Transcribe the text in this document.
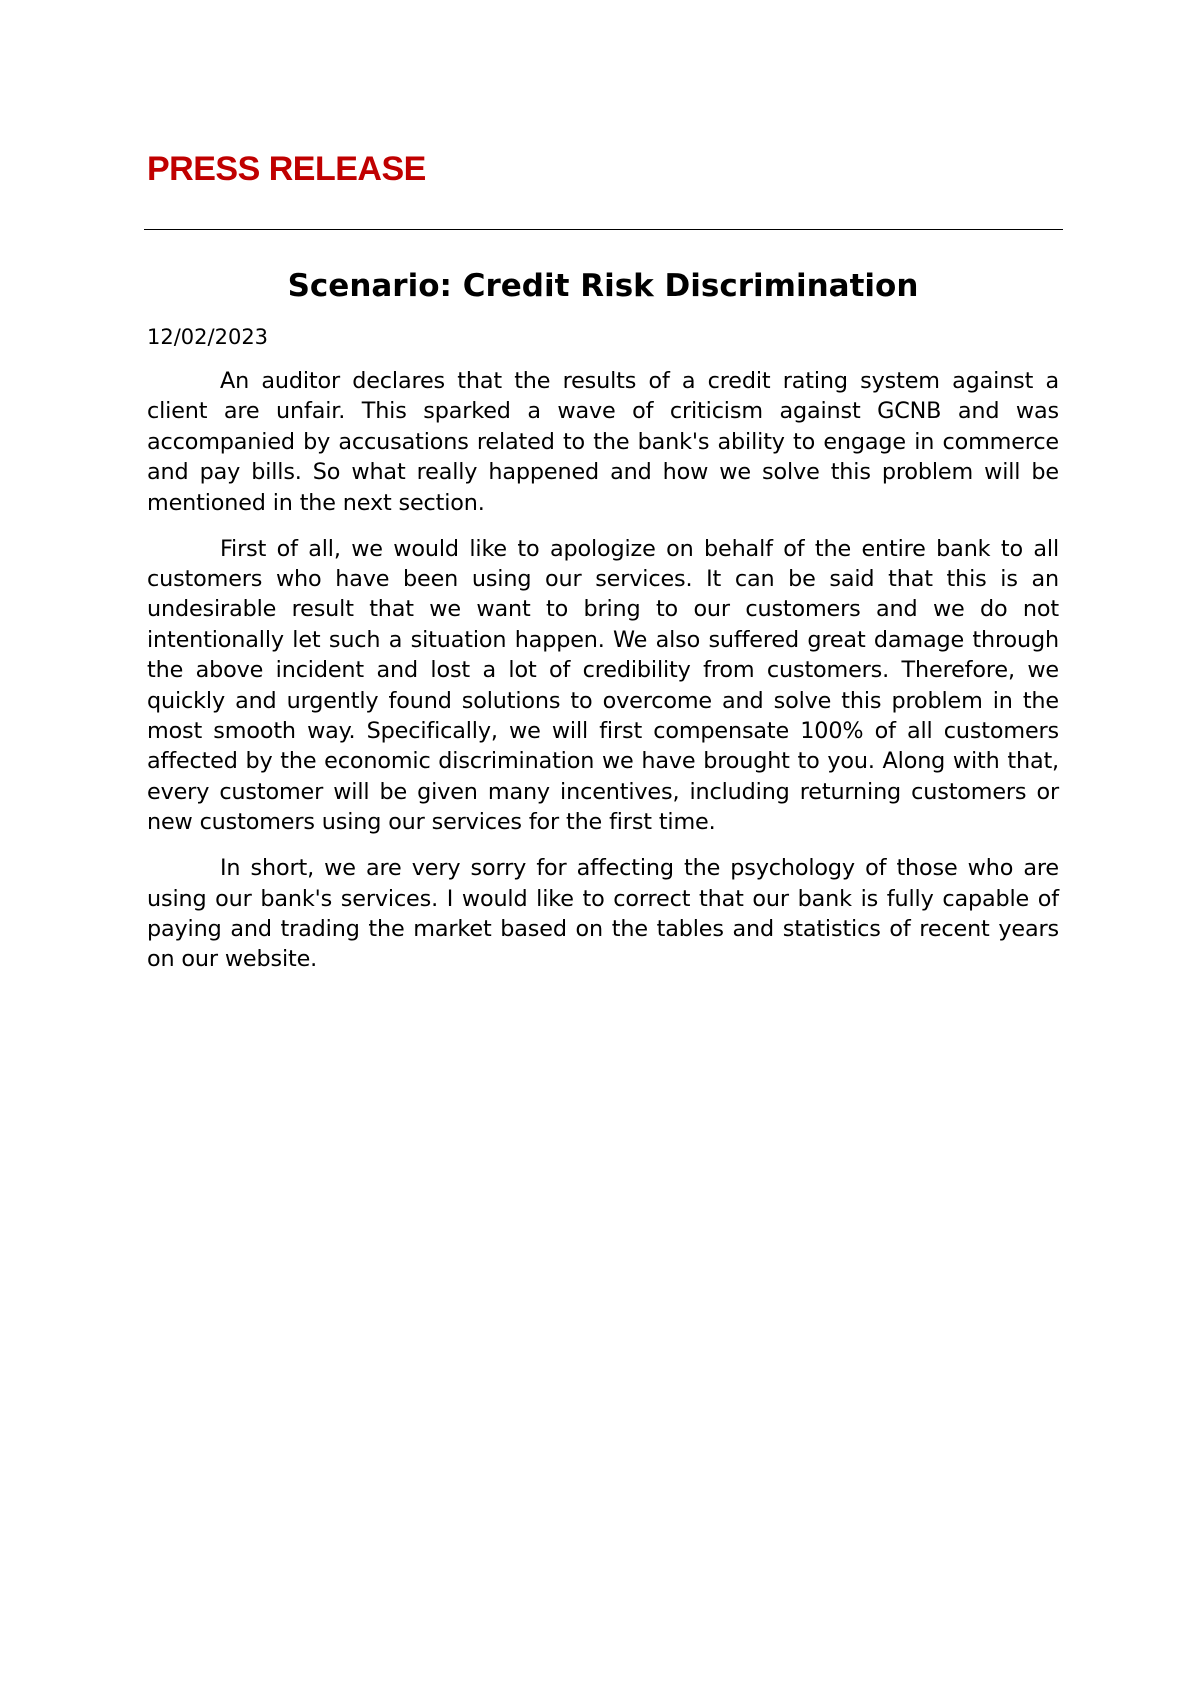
PRESS RELEASE
Scenario: Credit Risk Discrimination

12/02/2023

An auditor declares that the results of a credit rating system against a client are unfair. This sparked a wave of criticism against GCNB and was accompanied by accusations related to the bank's ability to engage in commerce and pay bills. So what really happened and how we solve this problem will be mentioned in the next section.

First of all, we would like to apologize on behalf of the entire bank to all customers who have been using our services. It can be said that this is an undesirable result that we want to bring to our customers and we do not intentionally let such a situation happen. We also suffered great damage through the above incident and lost a lot of credibility from customers. Therefore, we quickly and urgently found solutions to overcome and solve this problem in the most smooth way. Specifically, we will first compensate 100% of all customers affected by the economic discrimination we have brought to you. Along with that, every customer will be given many incentives, including returning customers or new customers using our services for the first time.

In short, we are very sorry for affecting the psychology of those who are using our bank's services. I would like to correct that our bank is fully capable of paying and trading the market based on the tables and statistics of recent years on our website.
